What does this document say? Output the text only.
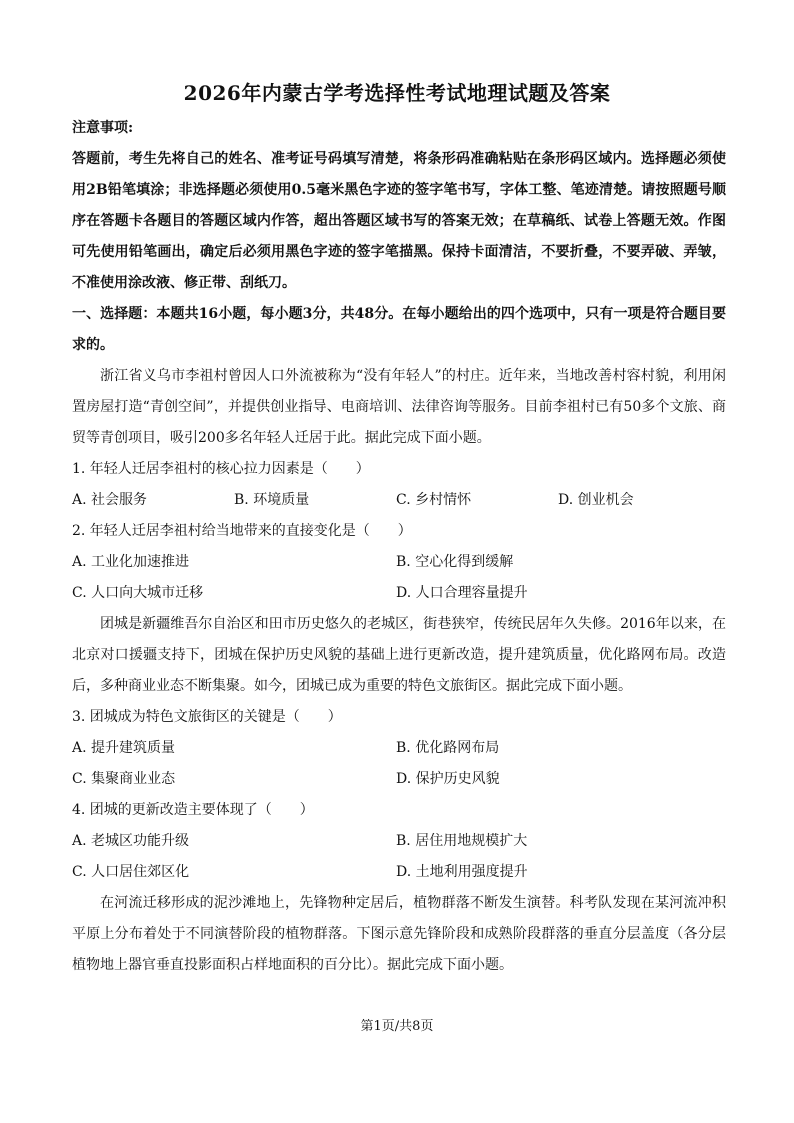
2026年内蒙古学考选择性考试地理试题及答案

注意事项:

答题前，考生先将自己的姓名、准考证号码填写清楚，将条形码准确粘贴在条形码区域内。选择题必须使用2B铅笔填涂；非选择题必须使用0.5毫米黑色字迹的签字笔书写，字体工整、笔迹清楚。请按照题号顺序在答题卡各题目的答题区域内作答，超出答题区域书写的答案无效；在草稿纸、试卷上答题无效。作图可先使用铅笔画出，确定后必须用黑色字迹的签字笔描黑。保持卡面清洁，不要折叠，不要弄破、弄皱，不准使用涂改液、修正带、刮纸刀。

一、选择题：本题共16小题，每小题3分，共48分。在每小题给出的四个选项中，只有一项是符合题目要求的。

浙江省义乌市李祖村曾因人口外流被称为“没有年轻人”的村庄。近年来，当地改善村容村貌，利用闲置房屋打造“青创空间”，并提供创业指导、电商培训、法律咨询等服务。目前李祖村已有50多个文旅、商贸等青创项目，吸引200多名年轻人迁居于此。据此完成下面小题。

1. 年轻人迁居李祖村的核心拉力因素是（　　）

A. 社会服务	B. 环境质量	C. 乡村情怀	D. 创业机会

2. 年轻人迁居李祖村给当地带来的直接变化是（　　）

A. 工业化加速推进	B. 空心化得到缓解
C. 人口向大城市迁移	D. 人口合理容量提升

团城是新疆维吾尔自治区和田市历史悠久的老城区，街巷狭窄，传统民居年久失修。2016年以来，在北京对口援疆支持下，团城在保护历史风貌的基础上进行更新改造，提升建筑质量，优化路网布局。改造后，多种商业业态不断集聚。如今，团城已成为重要的特色文旅街区。据此完成下面小题。

3. 团城成为特色文旅街区的关键是（　　）

A. 提升建筑质量	B. 优化路网布局
C. 集聚商业业态	D. 保护历史风貌

4. 团城的更新改造主要体现了（　　）

A. 老城区功能升级	B. 居住用地规模扩大
C. 人口居住郊区化	D. 土地利用强度提升

在河流迁移形成的泥沙滩地上，先锋物种定居后，植物群落不断发生演替。科考队发现在某河流冲积平原上分布着处于不同演替阶段的植物群落。下图示意先锋阶段和成熟阶段群落的垂直分层盖度（各分层植物地上器官垂直投影面积占样地面积的百分比）。据此完成下面小题。

第1页/共8页
